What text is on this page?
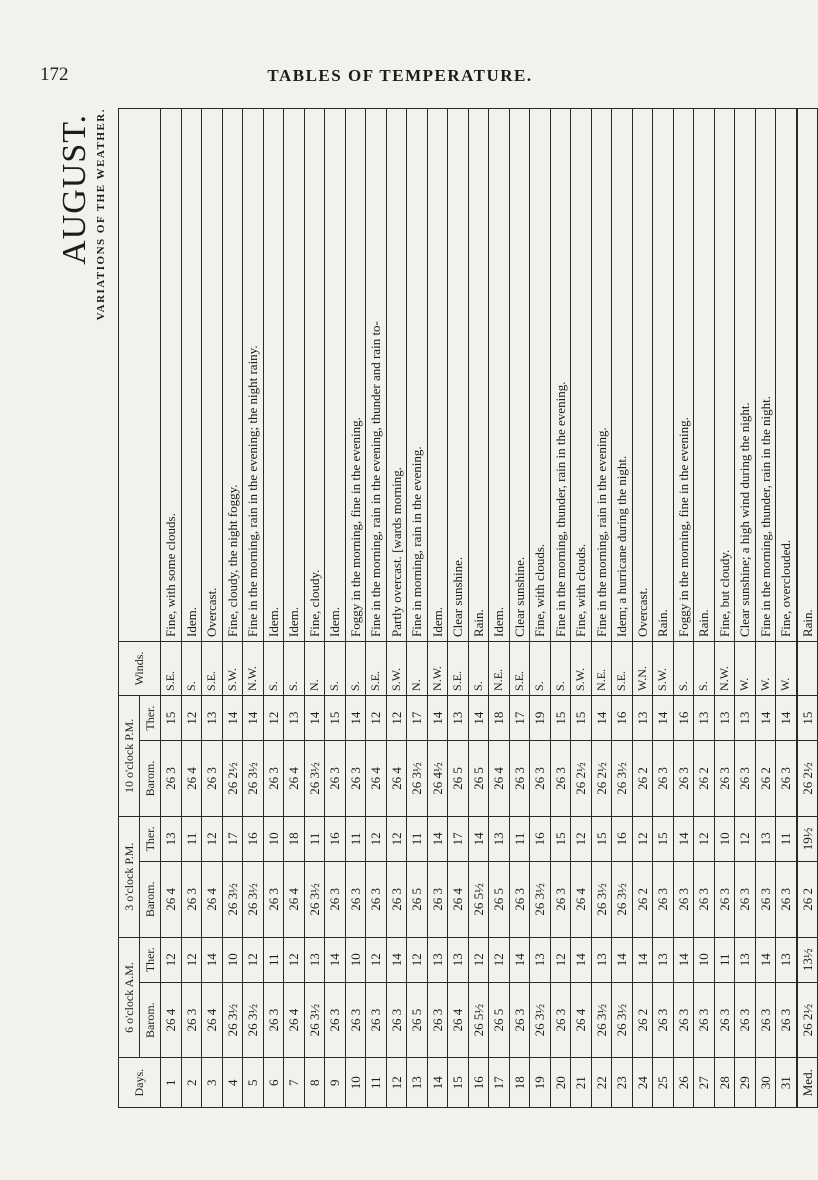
172	TABLES OF TEMPERATURE.
AUGUST. VARIATIONS OF THE WEATHER.
Days.	6 o'clock A.M.		3 o'clock P.M.		10 o'clock P.M.		Winds.	
	Barom.	Ther.	Barom.	Ther.	Barom.	Ther.		
1	26 4	12	26 4	13	26 3	15	S.E.	Fine, with some clouds.
2	26 3	12	26 3	11	26 4	12	S.	Idem.
3	26 4	14	26 4	12	26 3	13	S.E.	Overcast.
4	26 3½	10	26 3½	17	26 2½	14	S.W.	Fine, cloudy, the night foggy.
5	26 3½	12	26 3½	16	26 3½	14	N.W.	Fine in the morning, rain in the evening; the night rainy.
6	26 3	11	26 3	10	26 3	12	S.	Idem.
7	26 4	12	26 4	18	26 4	13	S.	Idem.
8	26 3½	13	26 3½	11	26 3½	14	N.	Fine, cloudy.
9	26 3	14	26 3	16	26 3	15	S.	Idem.
10	26 3	10	26 3	11	26 3	14	S.	Foggy in the morning, fine in the evening.
11	26 3	12	26 3	12	26 4	12	S.E.	Fine in the morning, rain in the evening, thunder and rain to-
12	26 3	14	26 3	12	26 4	12	S.W.	Partly overcast. [wards morning.
13	26 5	12	26 5	11	26 3½	17	N.	Fine in morning, rain in the evening.
14	26 3	13	26 3	14	26 4½	14	N.W.	Idem.
15	26 4	13	26 4	17	26 5	13	S.E.	Clear sunshine.
16	26 5½	12	26 5½	14	26 5	14	S.	Rain.
17	26 5	12	26 5	13	26 4	18	N.E.	Idem.
18	26 3	14	26 3	11	26 3	17	S.E.	Clear sunshine.
19	26 3½	13	26 3½	16	26 3	19	S.	Fine, with clouds.
20	26 3	12	26 3	15	26 3	15	S.	Fine in the morning, thunder, rain in the evening.
21	26 4	14	26 4	12	26 2½	15	S.W.	Fine, with clouds.
22	26 3½	13	26 3½	15	26 2½	14	N.E.	Fine in the morning, rain in the evening.
23	26 3½	14	26 3½	16	26 3½	16	S.E.	Idem; a hurricane during the night.
24	26 2	14	26 2	12	26 2	13	W.N.	Overcast.
25	26 3	13	26 3	15	26 3	14	S.W.	Rain.
26	26 3	14	26 3	14	26 3	16	S.	Foggy in the morning, fine in the evening.
27	26 3	10	26 3	12	26 2	13	S.	Rain.
28	26 3	11	26 3	10	26 3	13	N.W.	Fine, but cloudy.
29	26 3	13	26 3	12	26 3	13	W.	Clear sunshine; a high wind during the night.
30	26 3	14	26 3	13	26 2	14	W.	Fine in the morning, thunder, rain in the night.
31	26 3	13	26 3	11	26 3	14	W.	Fine, overclouded.
Med.	26 2½	13½	26 2	19½	26 2½	15		Rain.
